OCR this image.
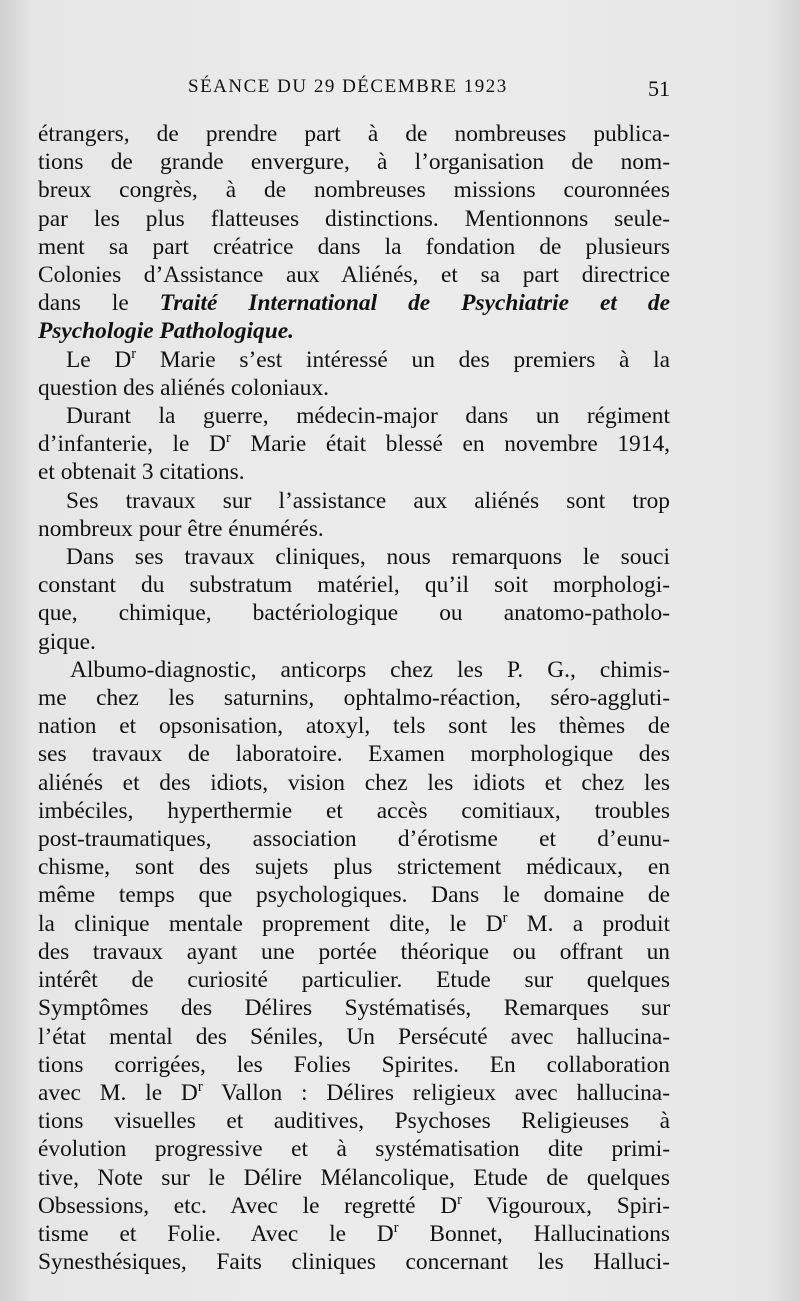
SÉANCE DU 29 DÉCEMBRE 1923	51
étrangers, de prendre part à de nombreuses publica-
tions de grande envergure, à l’organisation de nom-
breux congrès, à de nombreuses missions couronnées
par les plus flatteuses distinctions. Mentionnons seule-
ment sa part créatrice dans la fondation de plusieurs
Colonies d’Assistance aux Aliénés, et sa part directrice
dans le Traité International de Psychiatrie et de
Psychologie Pathologique.
Le $D^r$ Marie s’est intéressé un des premiers à la
question des aliénés coloniaux.
Durant la guerre, médecin-major dans un régiment
d’infanterie, le $D^r$ Marie était blessé en novembre 1914,
et obtenait 3 citations.
Ses travaux sur l’assistance aux aliénés sont trop
nombreux pour être énumérés.
Dans ses travaux cliniques, nous remarquons le souci
constant du substratum matériel, qu’il soit morphologi-
que, chimique, bactériologique ou anatomo-patholo-
gique.
Albumo-diagnostic, anticorps chez les P. G., chimis-
me chez les saturnins, ophtalmo-réaction, séro-aggluti-
nation et opsonisation, atoxyl, tels sont les thèmes de
ses travaux de laboratoire. Examen morphologique des
aliénés et des idiots, vision chez les idiots et chez les
imbéciles, hyperthermie et accès comitiaux, troubles
post-traumatiques, association d’érotisme et d’eunu-
chisme, sont des sujets plus strictement médicaux, en
même temps que psychologiques. Dans le domaine de
la clinique mentale proprement dite, le $D^r$ M. a produit
des travaux ayant une portée théorique ou offrant un
intérêt de curiosité particulier. Etude sur quelques
Symptômes des Délires Systématisés, Remarques sur
l’état mental des Séniles, Un Persécuté avec hallucina-
tions corrigées, les Folies Spirites. En collaboration
avec M. le $D^r$ Vallon : Délires religieux avec hallucina-
tions visuelles et auditives, Psychoses Religieuses à
évolution progressive et à systématisation dite primi-
tive, Note sur le Délire Mélancolique, Etude de quelques
Obsessions, etc. Avec le regretté $D^r$ Vigouroux, Spiri-
tisme et Folie. Avec le $D^r$ Bonnet, Hallucinations
Synesthésiques, Faits cliniques concernant les Halluci-
